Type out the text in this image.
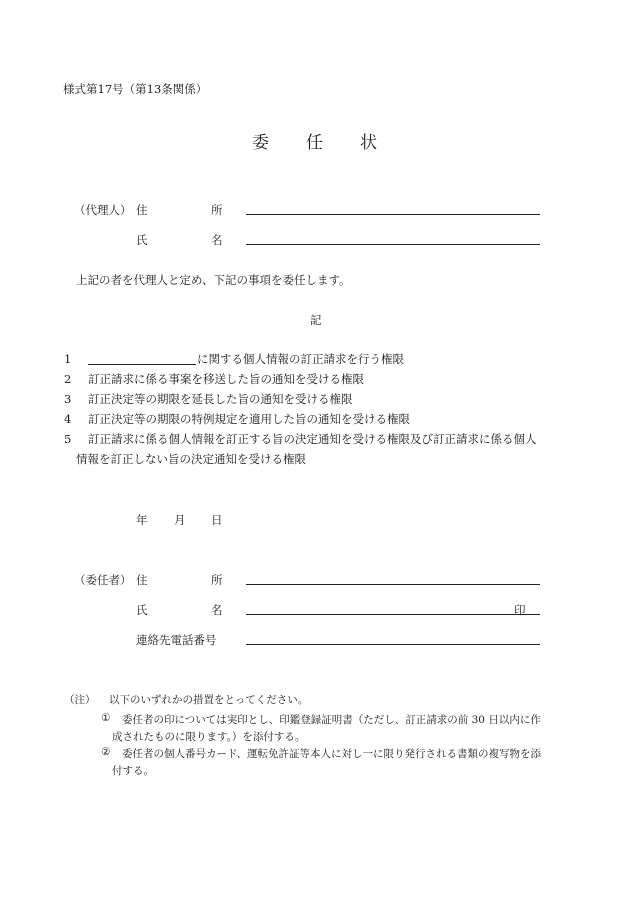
様式第17号（第13条関係）
委 任 状
（代理人） 住	所
氏	名
上記の者を代理人と定め、下記の事項を委任します。
記
1	に関する個人情報の訂正請求を行う権限
2 訂正請求に係る事案を移送した旨の通知を受ける権限
3 訂正決定等の期限を延長した旨の通知を受ける権限
4 訂正決定等の期限の特例規定を適用した旨の通知を受ける権限
5 訂正請求に係る個人情報を訂正する旨の決定通知を受ける権限及び訂正請求に係る個人
情報を訂正しない旨の決定通知を受ける権限
年 月 日
（委任者） 住	所
氏	名	印
連絡先電話番号
（注） 以下のいずれかの措置をとってください。
① 委任者の印については実印とし、印鑑登録証明書（ただし、訂正請求の前 30 日以内に作
成されたものに限ります。）を添付する。
② 委任者の個人番号カード、運転免許証等本人に対し一に限り発行される書類の複写物を添
付する。
